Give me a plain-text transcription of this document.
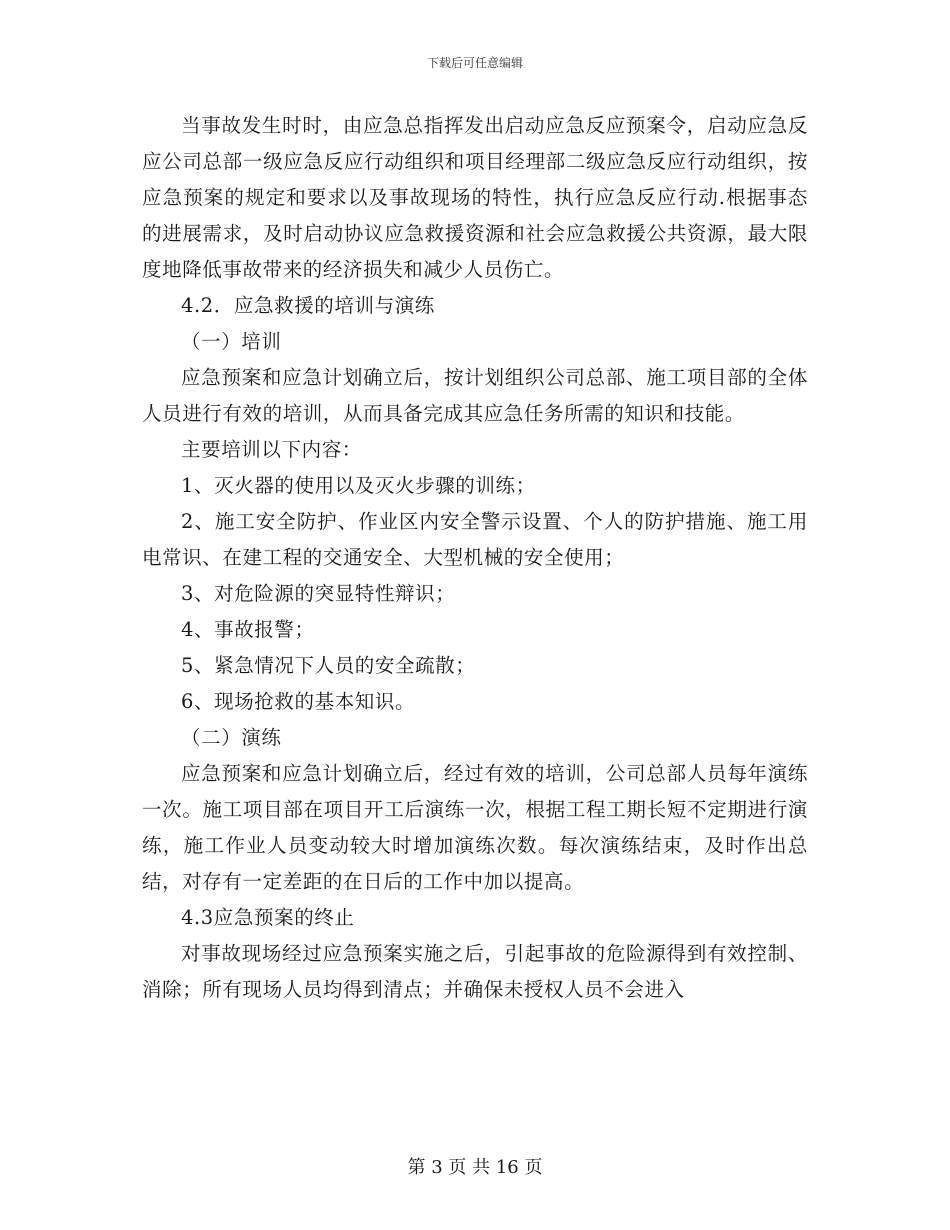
下载后可任意编辑

当事故发生时时，由应急总指挥发出启动应急反应预案令，启动应急反应公司总部一级应急反应行动组织和项目经理部二级应急反应行动组织，按应急预案的规定和要求以及事故现场的特性，执行应急反应行动.根据事态的进展需求，及时启动协议应急救援资源和社会应急救援公共资源，最大限度地降低事故带来的经济损失和减少人员伤亡。

4.2．应急救援的培训与演练

（一）培训

应急预案和应急计划确立后，按计划组织公司总部、施工项目部的全体人员进行有效的培训，从而具备完成其应急任务所需的知识和技能。

主要培训以下内容：

1、灭火器的使用以及灭火步骤的训练；

2、施工安全防护、作业区内安全警示设置、个人的防护措施、施工用电常识、在建工程的交通安全、大型机械的安全使用；

3、对危险源的突显特性辩识；

4、事故报警；

5、紧急情况下人员的安全疏散；

6、现场抢救的基本知识。

（二）演练

应急预案和应急计划确立后，经过有效的培训，公司总部人员每年演练一次。施工项目部在项目开工后演练一次，根据工程工期长短不定期进行演练，施工作业人员变动较大时增加演练次数。每次演练结束，及时作出总结，对存有一定差距的在日后的工作中加以提高。

4.3应急预案的终止

对事故现场经过应急预案实施之后，引起事故的危险源得到有效控制、消除；所有现场人员均得到清点；并确保未授权人员不会进入

第 3 页 共 16 页
